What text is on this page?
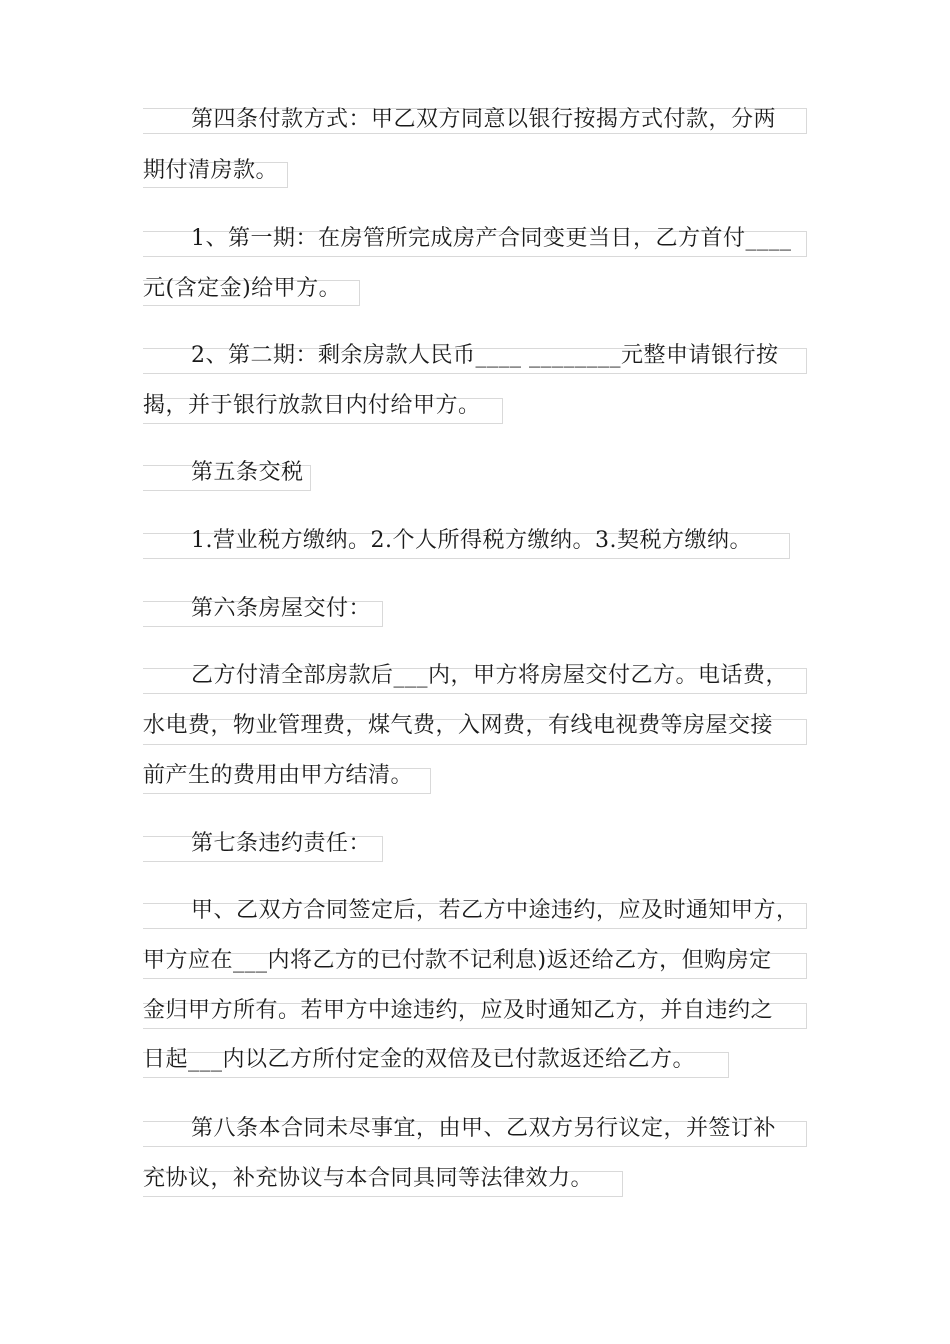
第四条付款方式：甲乙双方同意以银行按揭方式付款，分两
期付清房款。
1、第一期：在房管所完成房产合同变更当日，乙方首付____
元(含定金)给甲方。
2、第二期：剩余房款人民币____ ________元整申请银行按
揭，并于银行放款日内付给甲方。
第五条交税
1.营业税方缴纳。2.个人所得税方缴纳。3.契税方缴纳。
第六条房屋交付：
乙方付清全部房款后___内，甲方将房屋交付乙方。电话费，
水电费，物业管理费，煤气费，入网费，有线电视费等房屋交接
前产生的费用由甲方结清。
第七条违约责任：
甲、乙双方合同签定后，若乙方中途违约，应及时通知甲方，
甲方应在___内将乙方的已付款不记利息)返还给乙方，但购房定
金归甲方所有。若甲方中途违约，应及时通知乙方，并自违约之
日起___内以乙方所付定金的双倍及已付款返还给乙方。
第八条本合同未尽事宜，由甲、乙双方另行议定，并签订补
充协议，补充协议与本合同具同等法律效力。
